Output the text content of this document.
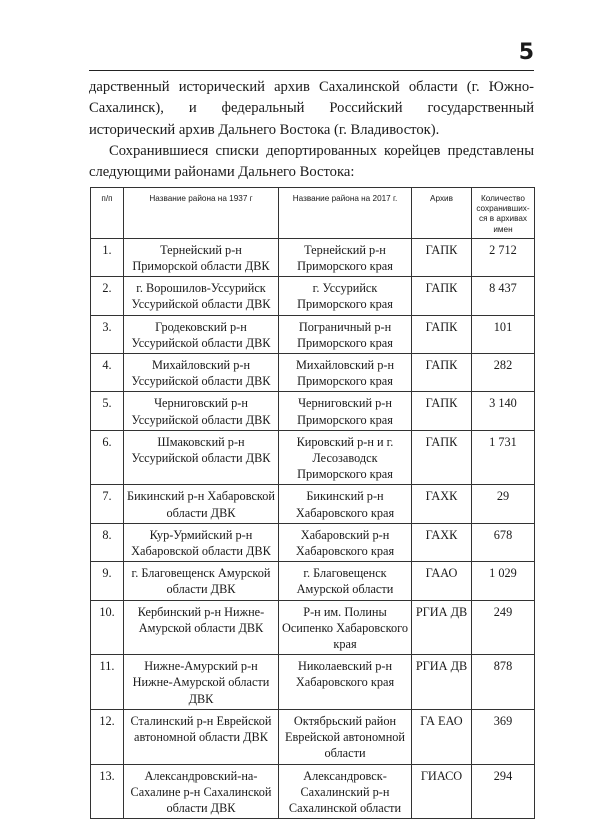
5

дарственный исторический архив Сахалинской области (г. Южно-Сахалинск), и федеральный Российский государственный исторический архив Дальнего Востока (г. Владивосток).

Сохранившиеся списки депортированных корейцев представлены следующими районами Дальнего Востока:

п/п	Название района на 1937 г	Название района на 2017 г.	Архив	Количество сохранивших-ся в архивах имен
1.	Тернейский р-н Приморской области ДВК	Тернейский р-н Приморского края	ГАПК	2 712
2.	г. Ворошилов-Уссурийск Уссурийской области ДВК	г. Уссурийск Приморского края	ГАПК	8 437
3.	Гродековский р-н Уссурийской области ДВК	Пограничный р-н Приморского края	ГАПК	101
4.	Михайловский р-н Уссурийской области ДВК	Михайловский р-н Приморского края	ГАПК	282
5.	Черниговский р-н Уссурийской области ДВК	Черниговский р-н Приморского края	ГАПК	3 140
6.	Шмаковский р-н Уссурийской области ДВК	Кировский р-н и г. Лесозаводск Приморского края	ГАПК	1 731
7.	Бикинский р-н Хабаровской области ДВК	Бикинский р-н Хабаровского края	ГАХК	29
8.	Кур-Урмийский р-н Хабаровской области ДВК	Хабаровский р-н Хабаровского края	ГАХК	678
9.	г. Благовещенск Амурской области ДВК	г. Благовещенск Амурской области	ГААО	1 029
10.	Кербинский р-н Нижне-Амурской области ДВК	Р-н им. Полины Осипенко Хабаровского края	РГИА ДВ	249
11.	Нижне-Амурский р-н Нижне-Амурской области ДВК	Николаевский р-н Хабаровского края	РГИА ДВ	878
12.	Сталинский р-н Еврейской автономной области ДВК	Октябрьский район Еврейской автономной области	ГА ЕАО	369
13.	Александровский-на-Сахалине р-н Сахалинской области ДВК	Александровск-Сахалинский р-н Сахалинской области	ГИАСО	294
